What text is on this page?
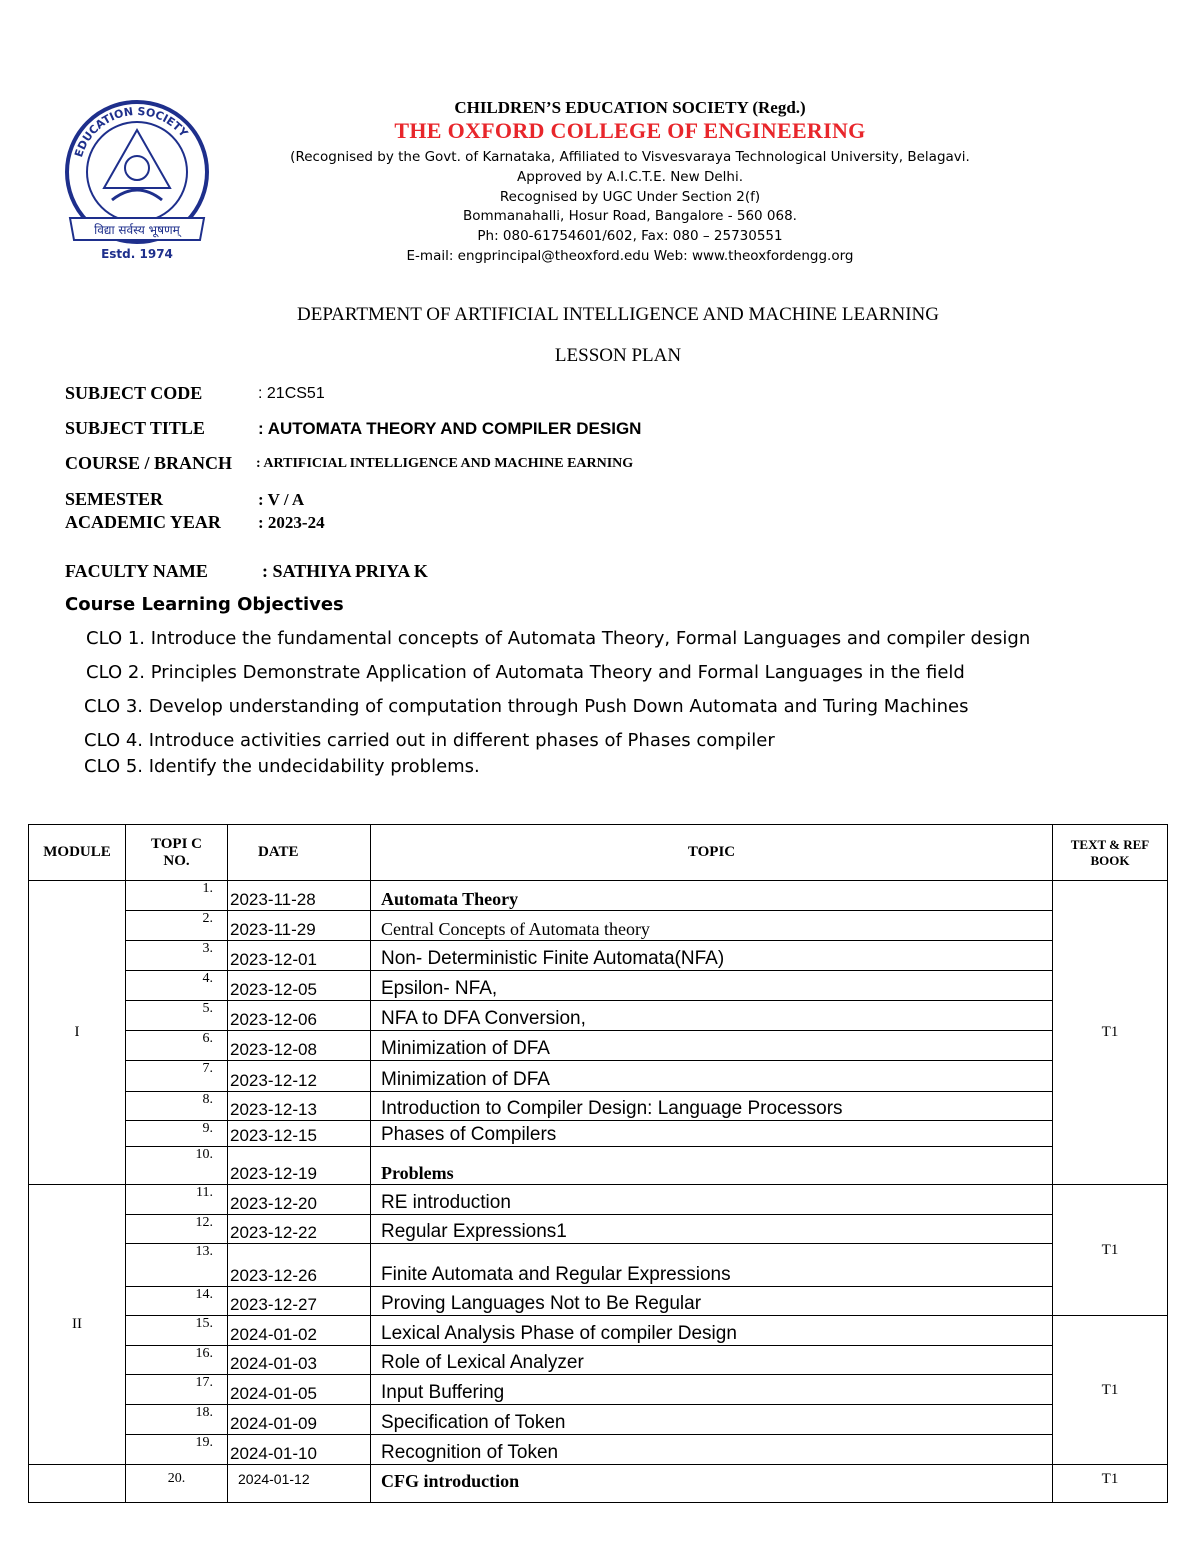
EDUCATION SOCIETY
विद्या सर्वस्य भूषणम्
Estd. 1974
CHILDREN’S EDUCATION SOCIETY (Regd.)
THE OXFORD COLLEGE OF ENGINEERING
(Recognised by the Govt. of Karnataka, Affiliated to Visvesvaraya Technological University, Belagavi.
Approved by A.I.C.T.E. New Delhi.
Recognised by UGC Under Section 2(f)
Bommanahalli, Hosur Road, Bangalore - 560 068.
Ph: 080-61754601/602, Fax: 080 – 25730551
E-mail: engprincipal@theoxford.edu Web: www.theoxfordengg.org
DEPARTMENT OF ARTIFICIAL INTELLIGENCE AND MACHINE LEARNING
LESSON PLAN
SUBJECT CODE	: 21CS51
SUBJECT TITLE	: AUTOMATA THEORY AND COMPILER DESIGN
COURSE / BRANCH : ARTIFICIAL INTELLIGENCE AND MACHINE EARNING
SEMESTER	: V / A
ACADEMIC YEAR : 2023-24
FACULTY NAME	: SATHIYA PRIYA K
Course Learning Objectives
CLO 1. Introduce the fundamental concepts of Automata Theory, Formal Languages and compiler design
CLO 2. Principles Demonstrate Application of Automata Theory and Formal Languages in the field
CLO 3. Develop understanding of computation through Push Down Automata and Turing Machines
CLO 4. Introduce activities carried out in different phases of Phases compiler
CLO 5. Identify the undecidability problems.
MODULE	TOPI C NO.	DATE	TOPIC	TEXT & REF BOOK
I	1.	2023-11-28	Automata Theory	T1
	2.	2023-11-29	Central Concepts of Automata theory	
	3.	2023-12-01	Non- Deterministic Finite Automata(NFA)	
	4.	2023-12-05	Epsilon- NFA,	
	5.	2023-12-06	NFA to DFA Conversion,	
	6.	2023-12-08	Minimization of DFA	
	7.	2023-12-12	Minimization of DFA	
	8.	2023-12-13	Introduction to Compiler Design: Language Processors	
	9.	2023-12-15	Phases of Compilers	
	10.	2023-12-19	Problems	
II	11.	2023-12-20	RE introduction	T1
	12.	2023-12-22	Regular Expressions1	
	13.	2023-12-26	Finite Automata and Regular Expressions	
	14.	2023-12-27	Proving Languages Not to Be Regular	
	15.	2024-01-02	Lexical Analysis Phase of compiler Design	T1
	16.	2024-01-03	Role of Lexical Analyzer	
	17.	2024-01-05	Input Buffering	
	18.	2024-01-09	Specification of Token	
	19.	2024-01-10	Recognition of Token	
	20.	2024-01-12	CFG introduction	T1
